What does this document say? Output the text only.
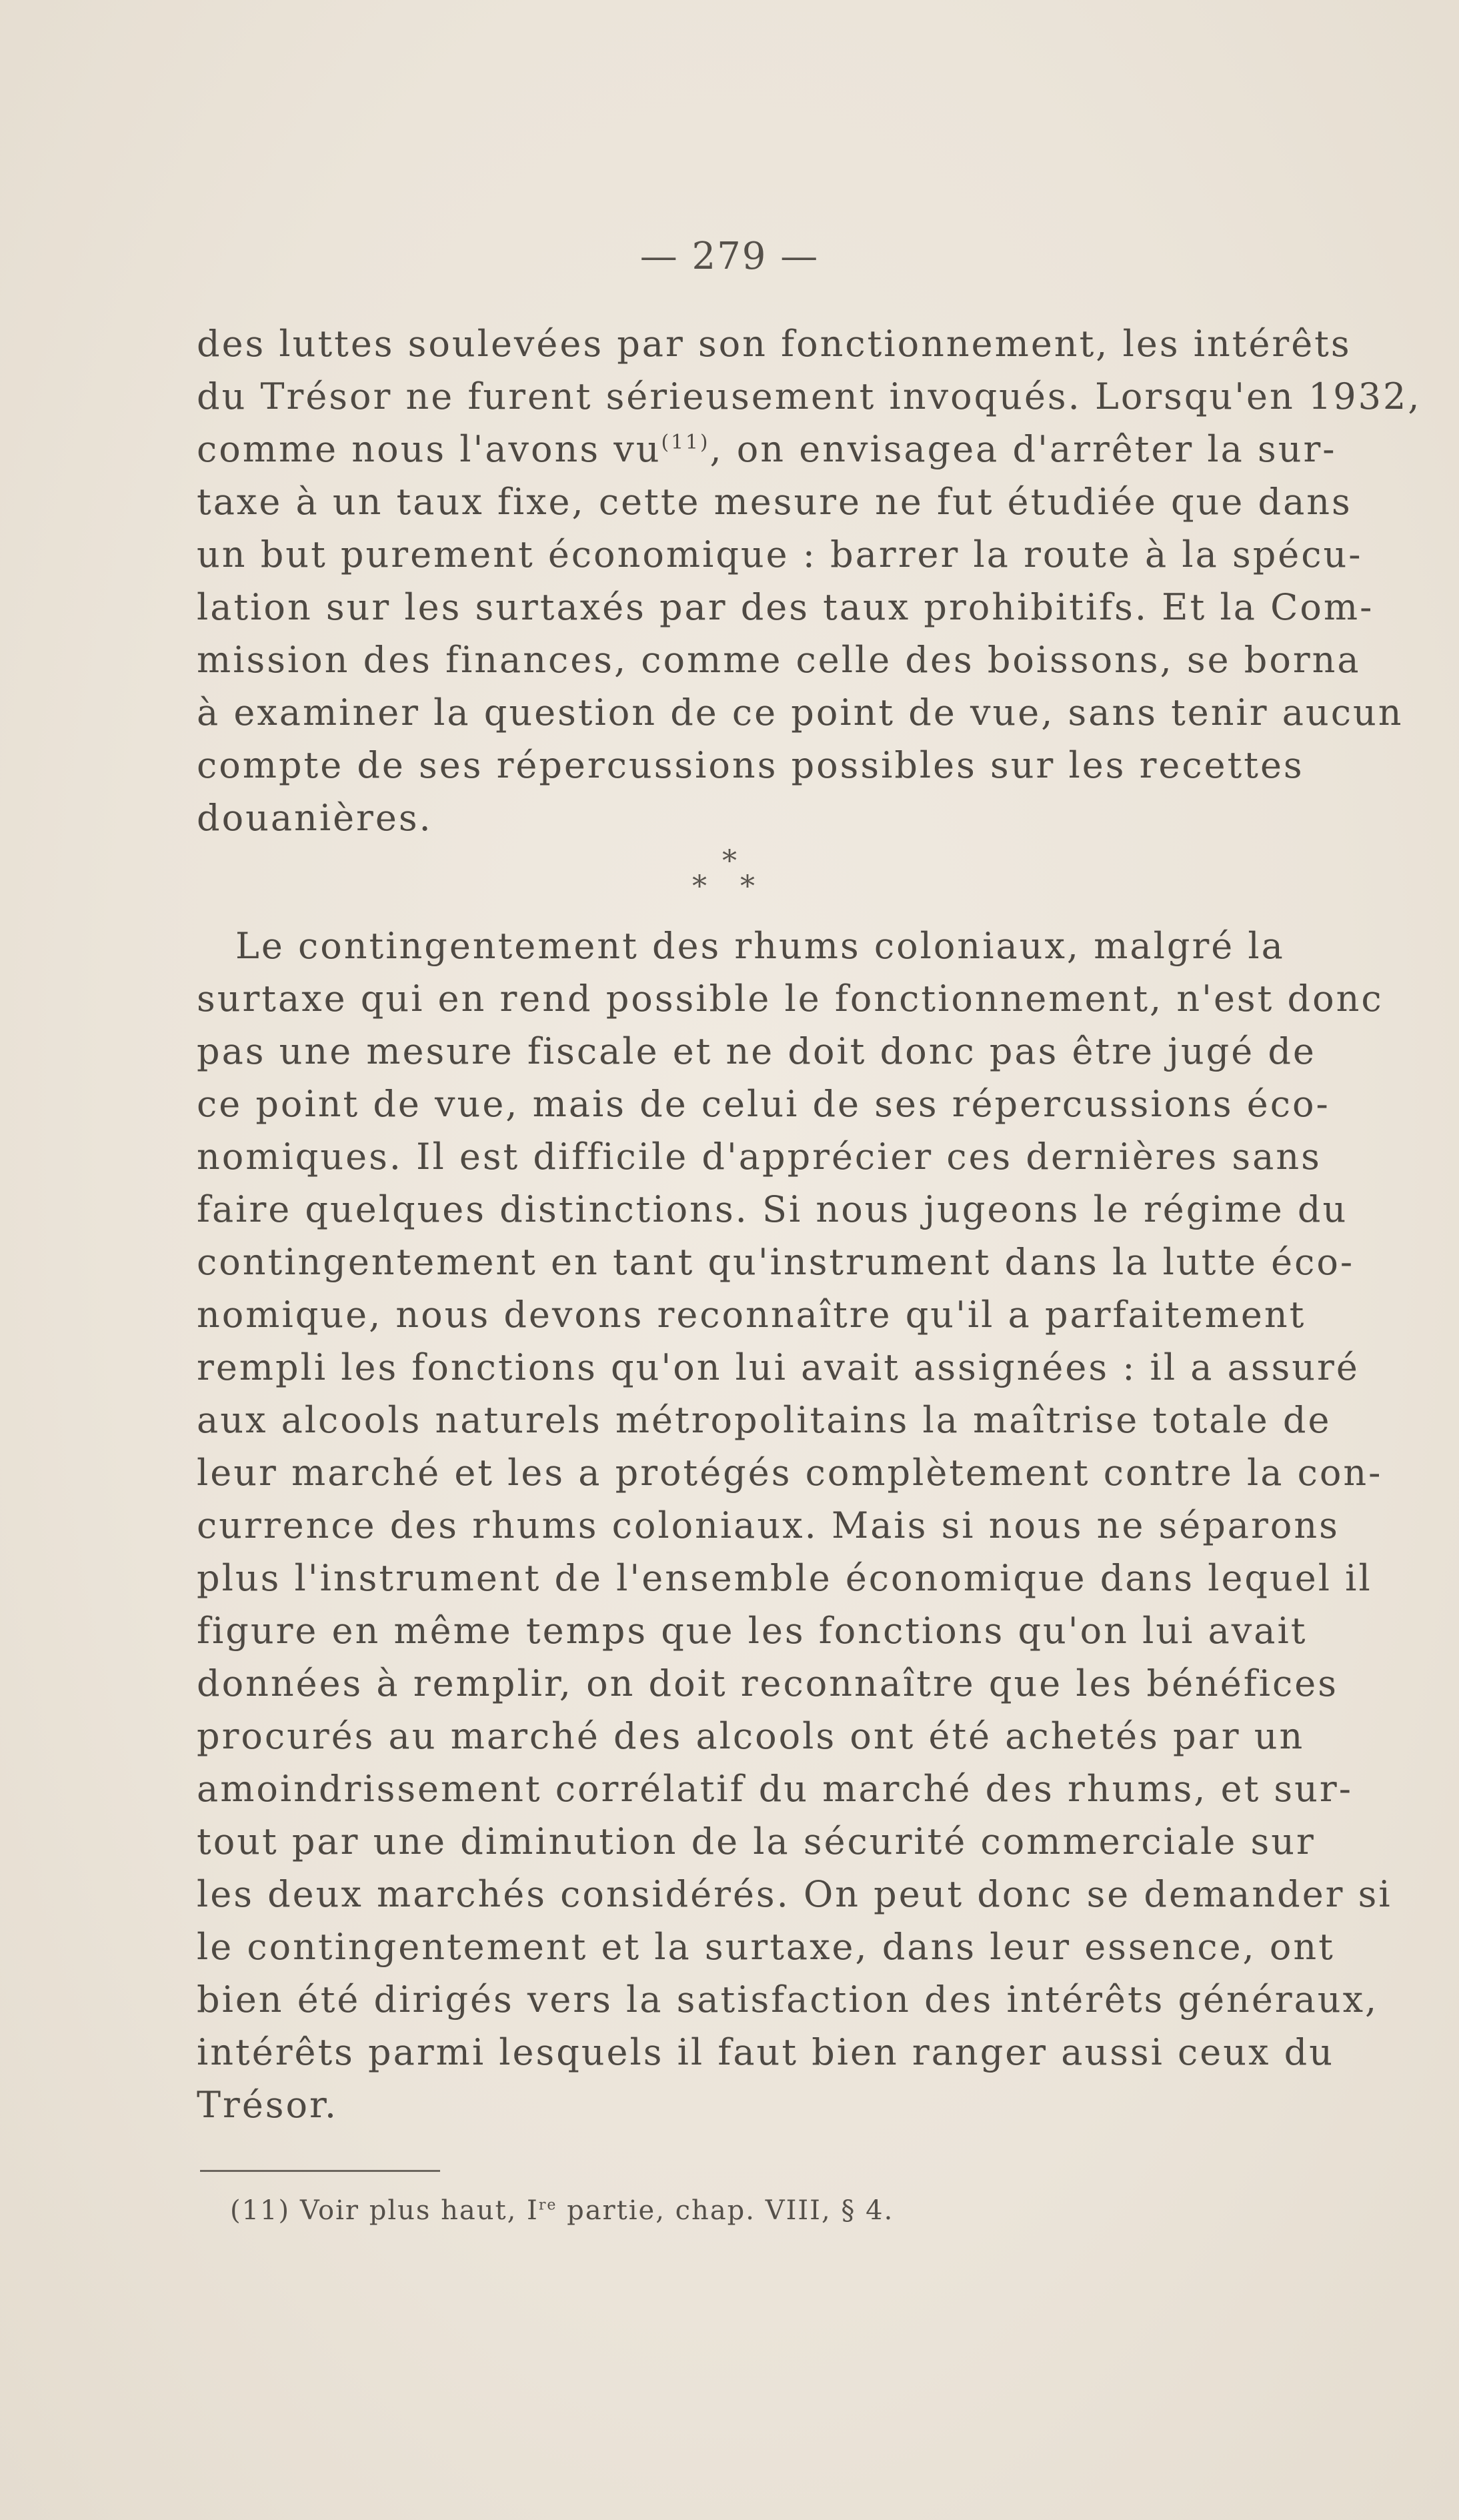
— 279 —
des luttes soulevées par son fonctionnement, les intérêts
du Trésor ne furent sérieusement invoqués. Lorsqu'en 1932,
comme nous l'avons $vu^{(11)}$, on envisagea d'arrêter la sur-
taxe à un taux fixe, cette mesure ne fut étudiée que dans
un but purement économique : barrer la route à la spécu-
lation sur les surtaxés par des taux prohibitifs. Et la Com-
mission des finances, comme celle des boissons, se borna
à examiner la question de ce point de vue, sans tenir aucun
compte de ses répercussions possibles sur les recettes
douanières.
*
* *
Le contingentement des rhums coloniaux, malgré la
surtaxe qui en rend possible le fonctionnement, n'est donc
pas une mesure fiscale et ne doit donc pas être jugé de
ce point de vue, mais de celui de ses répercussions éco-
nomiques. Il est difficile d'apprécier ces dernières sans
faire quelques distinctions. Si nous jugeons le régime du
contingentement en tant qu'instrument dans la lutte éco-
nomique, nous devons reconnaître qu'il a parfaitement
rempli les fonctions qu'on lui avait assignées : il a assuré
aux alcools naturels métropolitains la maîtrise totale de
leur marché et les a protégés complètement contre la con-
currence des rhums coloniaux. Mais si nous ne séparons
plus l'instrument de l'ensemble économique dans lequel il
figure en même temps que les fonctions qu'on lui avait
données à remplir, on doit reconnaître que les bénéfices
procurés au marché des alcools ont été achetés par un
amoindrissement corrélatif du marché des rhums, et sur-
tout par une diminution de la sécurité commerciale sur
les deux marchés considérés. On peut donc se demander si
le contingentement et la surtaxe, dans leur essence, ont
bien été dirigés vers la satisfaction des intérêts généraux,
intérêts parmi lesquels il faut bien ranger aussi ceux du
Trésor.
(11) Voir plus haut, Ire partie, chap. VIII, § 4.
